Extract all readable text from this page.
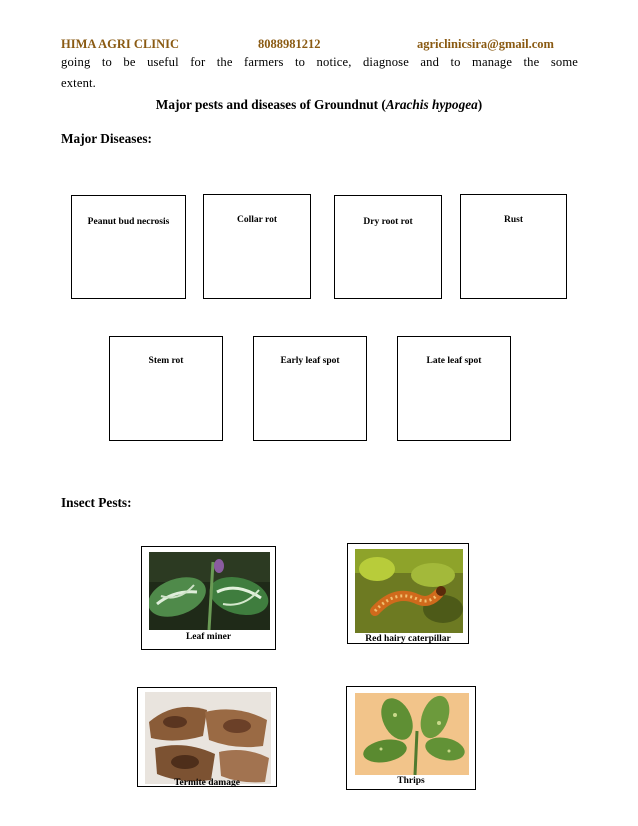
HIMA AGRI CLINIC	8088981212	agriclinicsira@gmail.com
going to be useful for the farmers to notice, diagnose and to manage the some
extent.
Major pests and diseases of Groundnut (Arachis hypogea)
Major Diseases:
Peanut bud necrosis	Collar rot	Dry root rot	Rust
Stem rot	Early leaf spot	Late leaf spot
Insect Pests:
Leaf miner	Red hairy caterpillar
Termite damage	Thrips
